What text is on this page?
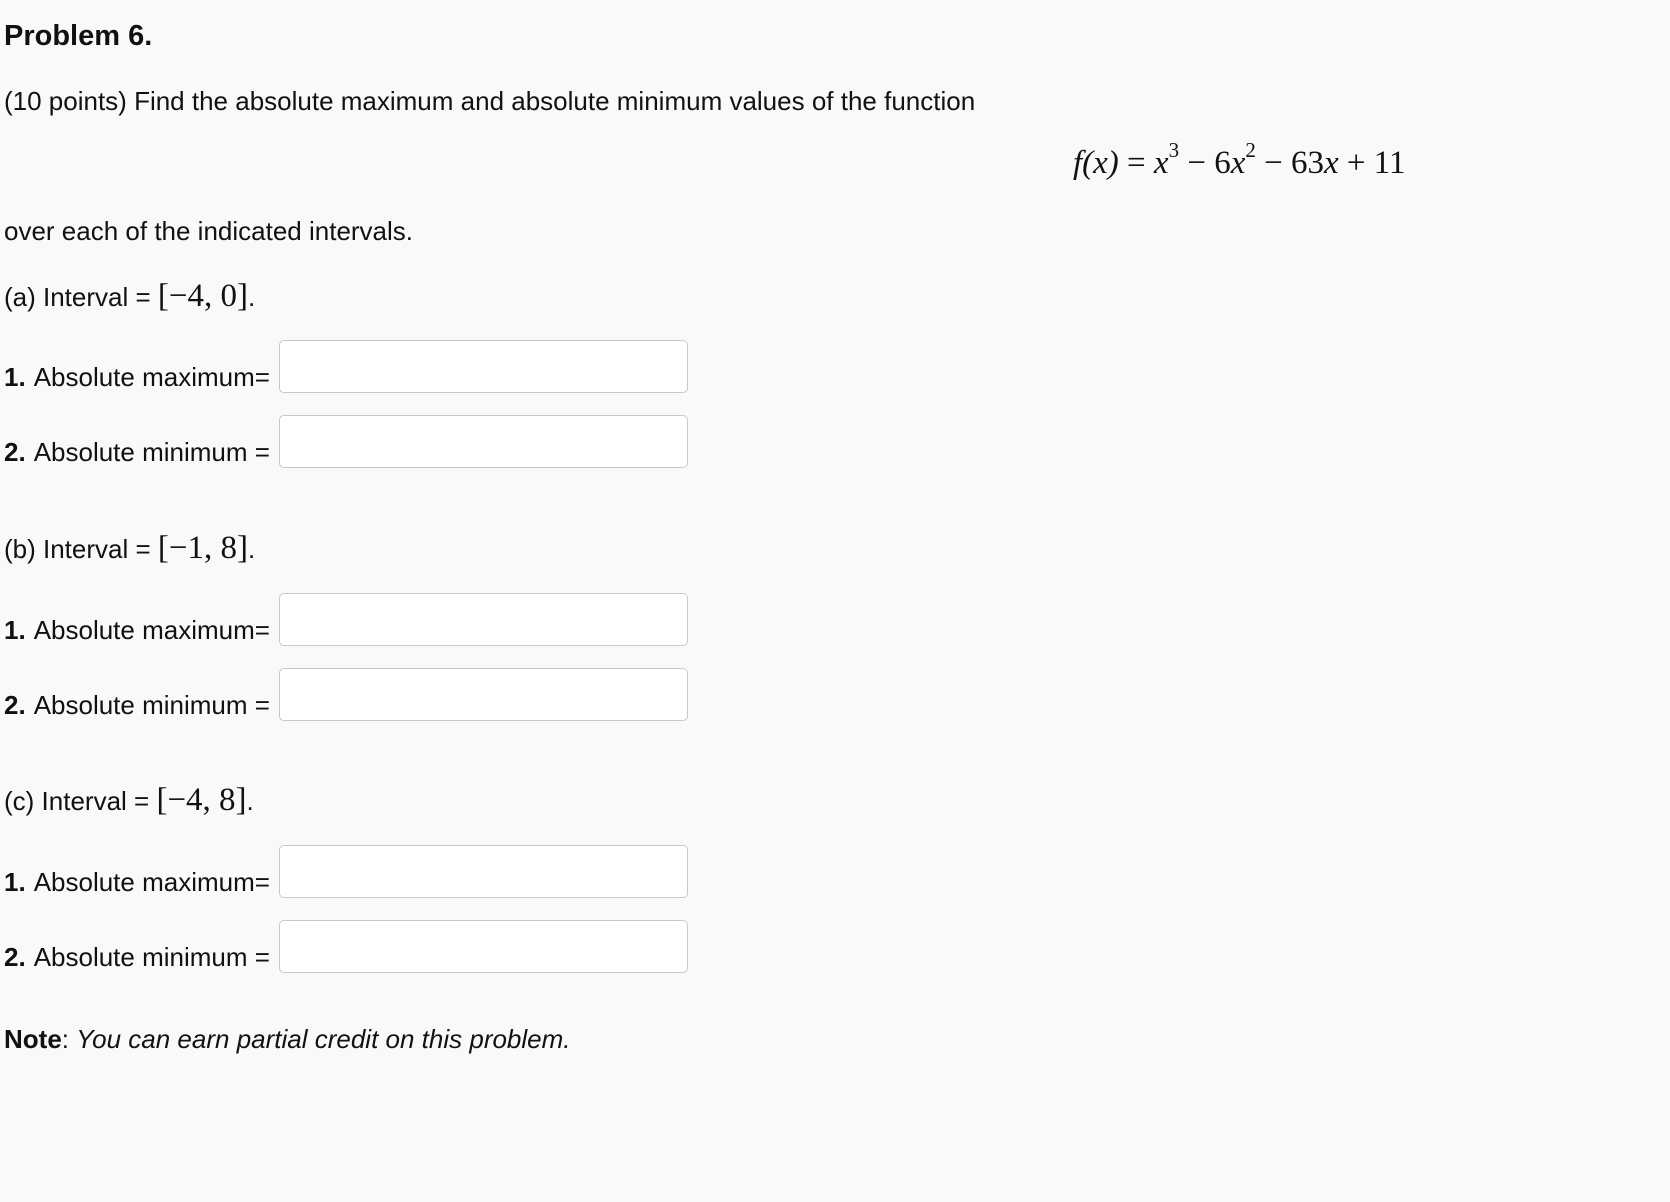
Problem 6.
(10 points) Find the absolute maximum and absolute minimum values of the function
$f(x) = x^3 - 6x^2 - 63x + 11$
over each of the indicated intervals.
(a) Interval = [−4, 0].
1. Absolute maximum=
2. Absolute minimum =
(b) Interval = [−1, 8].
1. Absolute maximum=
2. Absolute minimum =
(c) Interval = [−4, 8].
1. Absolute maximum=
2. Absolute minimum =
Note: You can earn partial credit on this problem.
